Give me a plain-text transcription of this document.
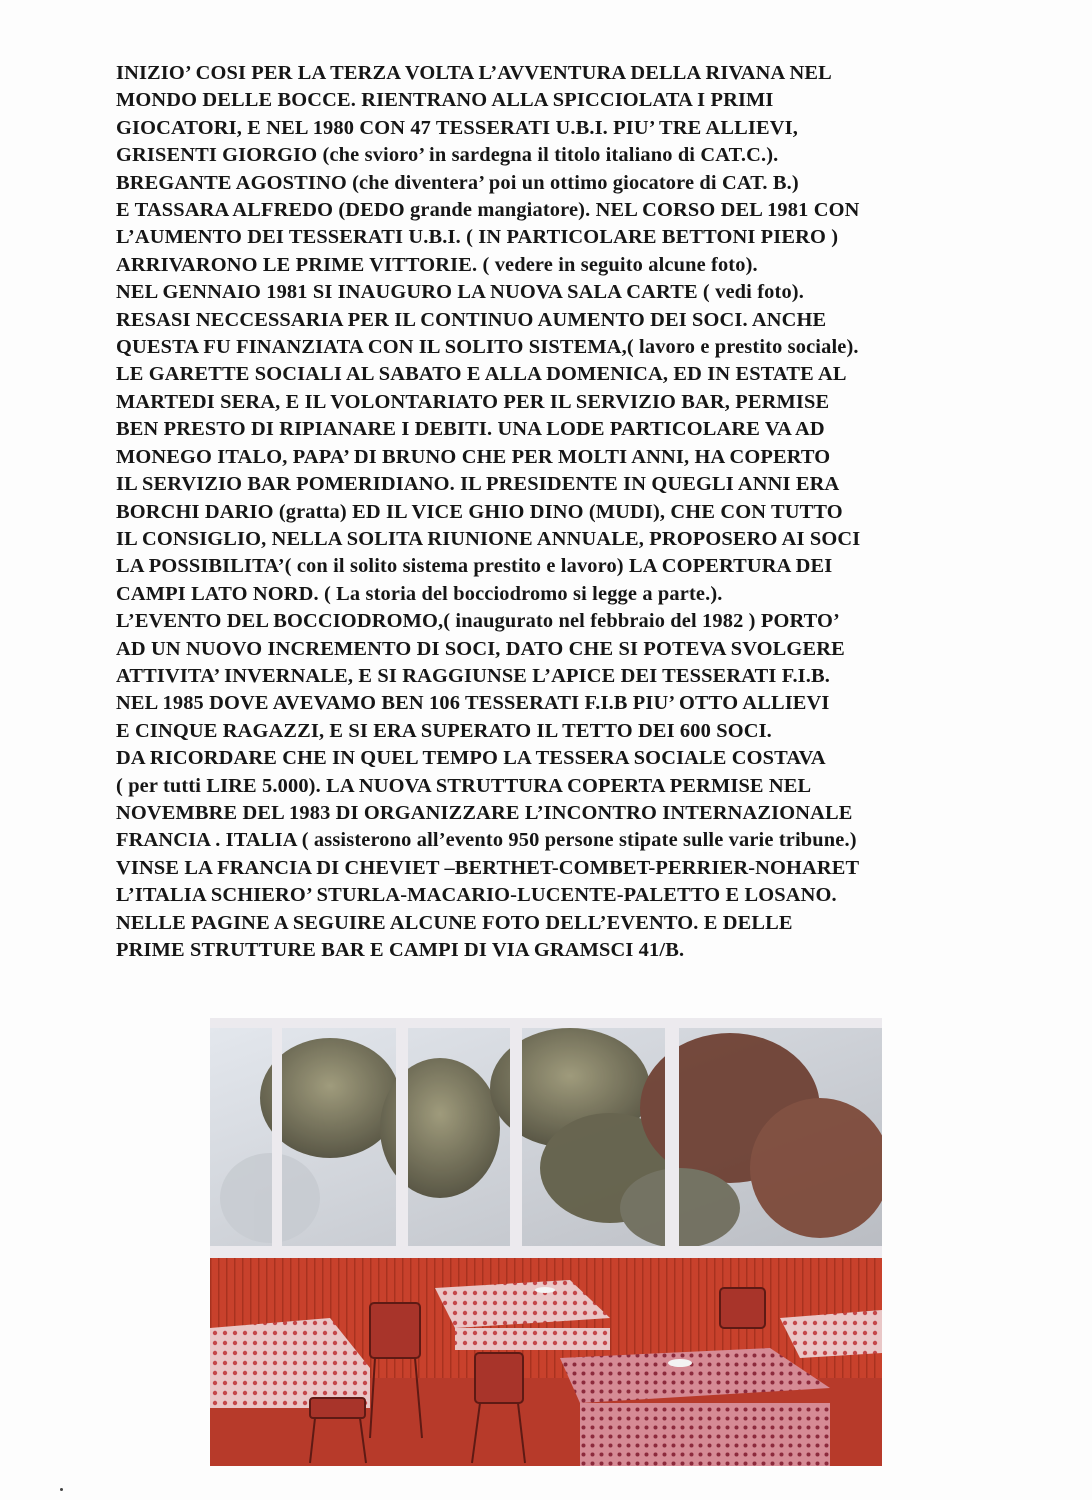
INIZIO’ COSI PER LA TERZA VOLTA L’AVVENTURA DELLA RIVANA NEL
MONDO DELLE BOCCE. RIENTRANO ALLA SPICCIOLATA I PRIMI
GIOCATORI, E NEL 1980 CON 47 TESSERATI U.B.I. PIU’ TRE ALLIEVI,
GRISENTI GIORGIO (che svioro’ in sardegna il titolo italiano di CAT.C.).
BREGANTE AGOSTINO (che diventera’ poi un ottimo giocatore di CAT. B.)
E TASSARA ALFREDO (DEDO grande mangiatore). NEL CORSO DEL 1981 CON
L’AUMENTO DEI TESSERATI U.B.I. ( IN PARTICOLARE BETTONI PIERO )
ARRIVARONO LE PRIME VITTORIE. ( vedere in seguito alcune foto).
NEL GENNAIO 1981 SI INAUGURO LA NUOVA SALA CARTE ( vedi foto).
RESASI NECCESSARIA PER IL CONTINUO AUMENTO DEI SOCI. ANCHE
QUESTA FU FINANZIATA CON IL SOLITO SISTEMA,( lavoro e prestito sociale).
LE GARETTE SOCIALI AL SABATO E ALLA DOMENICA, ED IN ESTATE AL
MARTEDI SERA, E IL VOLONTARIATO PER IL SERVIZIO BAR, PERMISE
BEN PRESTO DI RIPIANARE I DEBITI. UNA LODE PARTICOLARE VA AD
MONEGO ITALO, PAPA’ DI BRUNO CHE PER MOLTI ANNI, HA COPERTO
IL SERVIZIO BAR POMERIDIANO. IL PRESIDENTE IN QUEGLI ANNI ERA
BORCHI DARIO (gratta) ED IL VICE GHIO DINO (MUDI), CHE CON TUTTO
IL CONSIGLIO, NELLA SOLITA RIUNIONE ANNUALE, PROPOSERO AI SOCI
LA POSSIBILITA’( con il solito sistema prestito e lavoro) LA COPERTURA DEI
CAMPI LATO NORD. ( La storia del bocciodromo si legge a parte.).
L’EVENTO DEL BOCCIODROMO,( inaugurato nel febbraio del 1982 ) PORTO’
AD UN NUOVO INCREMENTO DI SOCI, DATO CHE SI POTEVA SVOLGERE
ATTIVITA’ INVERNALE, E SI RAGGIUNSE L’APICE DEI TESSERATI F.I.B.
NEL 1985 DOVE AVEVAMO BEN 106 TESSERATI F.I.B PIU’ OTTO ALLIEVI
E CINQUE RAGAZZI, E SI ERA SUPERATO IL TETTO DEI 600 SOCI.
DA RICORDARE CHE IN QUEL TEMPO LA TESSERA SOCIALE COSTAVA
( per tutti LIRE 5.000). LA NUOVA STRUTTURA COPERTA PERMISE NEL
NOVEMBRE DEL 1983 DI ORGANIZZARE L’INCONTRO INTERNAZIONALE
FRANCIA . ITALIA ( assisterono all’evento 950 persone stipate sulle varie tribune.)
VINSE LA FRANCIA DI CHEVIET –BERTHET-COMBET-PERRIER-NOHARET
L’ITALIA SCHIERO’ STURLA-MACARIO-LUCENTE-PALETTO E LOSANO.
NELLE PAGINE A SEGUIRE ALCUNE FOTO DELL’EVENTO. E DELLE
PRIME STRUTTURE BAR E CAMPI DI VIA GRAMSCI 41/B.
